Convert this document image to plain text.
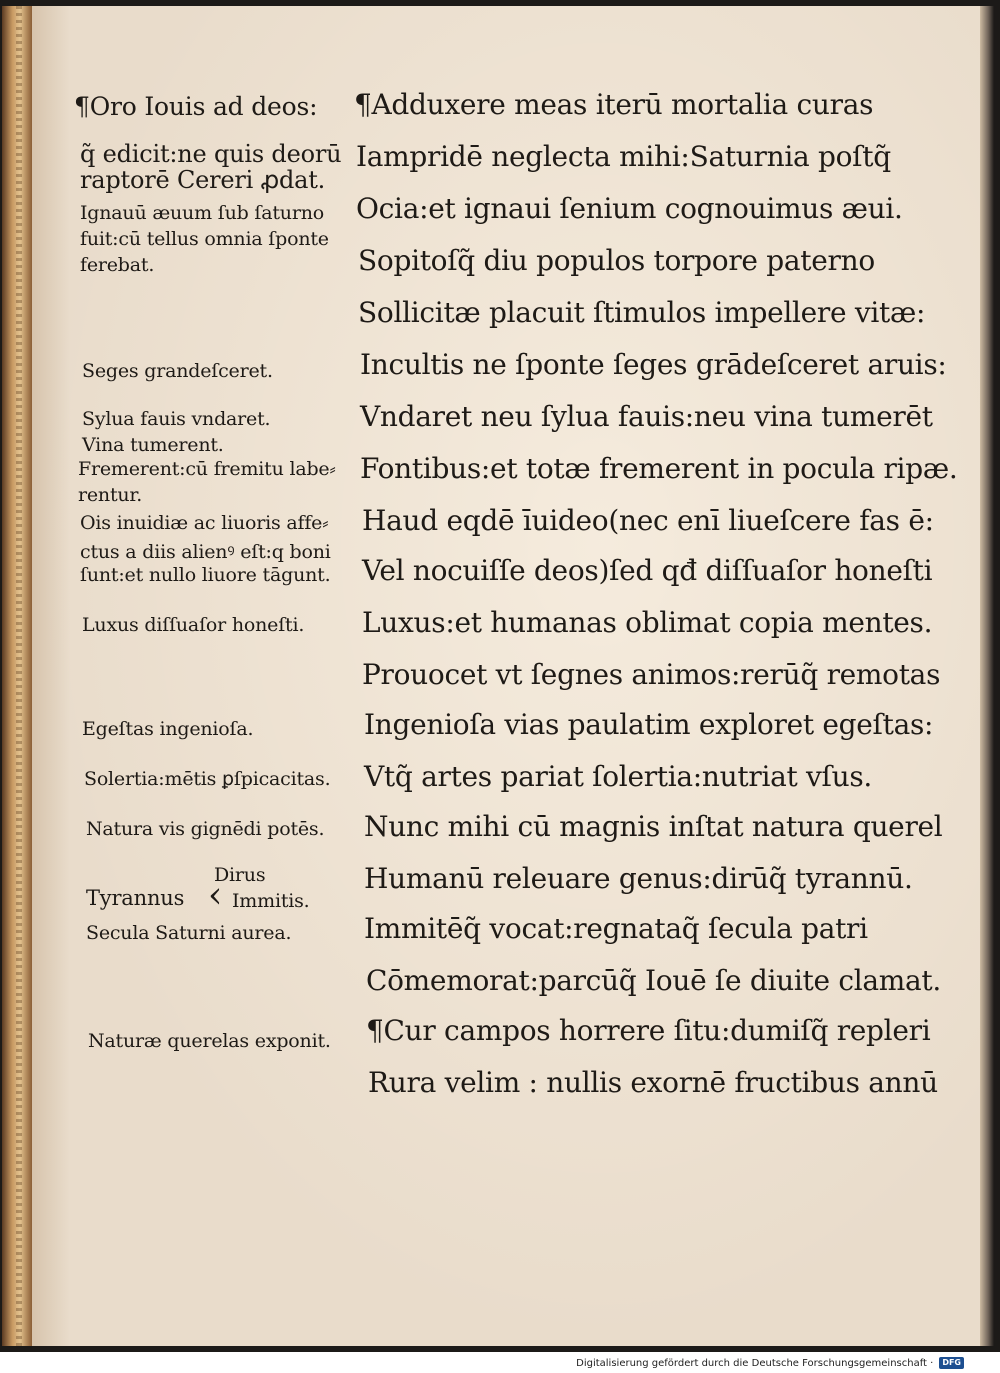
¶Oro Iouis ad deos:

q̃ edicit:ne quis deorū

raptorē Cereri ꝓdat.

Ignauū æuum ſub ſaturno

fuit:cū tellus omnia ſponte

ferebat.

Seges grandeſceret.

Sylua fauis vndaret.

Vina tumerent.

Fremerent:cū fremitu labe⸗

rentur.

Ois inuidiæ ac liuoris affe⸗

ctus a diis alienꝰ eſt:q boni

ſunt:et nullo liuore tāgunt.

Luxus diſſuaſor honeſti.

Egeſtas ingenioſa.

Solertia:mētis ꝑſpicacitas.

Natura vis gignēdi potēs.

Dirus

Tyrannus ‹ Immitis.

Secula Saturni aurea.

Naturæ querelas exponit.

¶Adduxere meas iterū mortalia curas

Iampridē neglecta mihi:Saturnia poſtq̃

Ocia:et ignaui ſenium cognouimus æui.

Sopitoſq̃ diu populos torpore paterno

Sollicitæ placuit ſtimulos impellere vitæ:

Incultis ne ſponte ſeges grādeſceret aruis:

Vndaret neu ſylua fauis:neu vina tumerēt

Fontibus:et totæ fremerent in pocula ripæ.

Haud eqdē īuideo(nec enī liueſcere fas ē:

Vel nocuiſſe deos)ſed qđ diſſuaſor honeſti

Luxus:et humanas oblimat copia mentes.

Prouocet vt ſegnes animos:rerūq̃ remotas

Ingenioſa vias paulatim exploret egeſtas:

Vtq̃ artes pariat ſolertia:nutriat vſus.

Nunc mihi cū magnis inſtat natura querel

Humanū releuare genus:dirūq̃ tyrannū.

Immitēq̃ vocat:regnataq̃ ſecula patri

Cōmemorat:parcūq̃ Iouē ſe diuite clamat.

¶Cur campos horrere ſitu:dumiſq̃ repleri

Rura velim : nullis exornē fructibus annū

Digitalisierung gefördert durch die Deutsche Forschungsgemeinschaft ·	DFG
